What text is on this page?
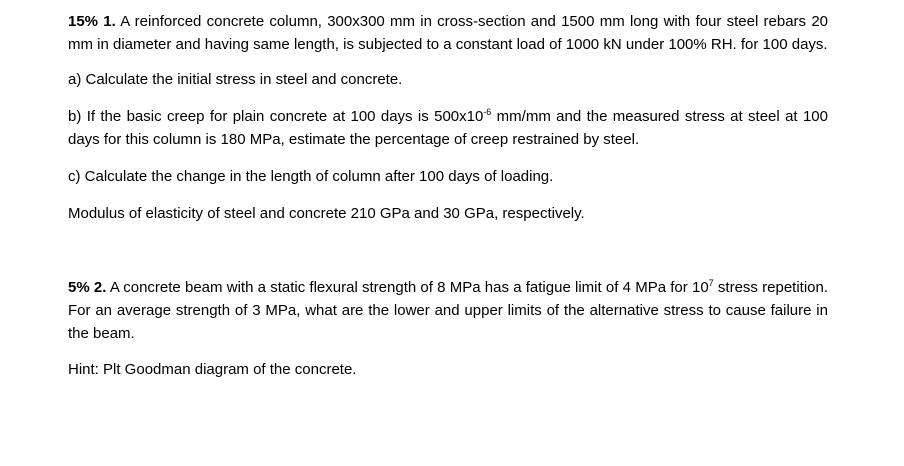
15% 1. A reinforced concrete column, 300x300 mm in cross-section and 1500 mm long with four steel rebars 20 mm in diameter and having same length, is subjected to a constant load of 1000 kN under 100% RH. for 100 days.

a) Calculate the initial stress in steel and concrete.

b) If the basic creep for plain concrete at 100 days is $500x10^{-6}$ mm/mm and the measured stress at steel at 100 days for this column is 180 MPa, estimate the percentage of creep restrained by steel.

c) Calculate the change in the length of column after 100 days of loading.

Modulus of elasticity of steel and concrete 210 GPa and 30 GPa, respectively.

5% 2. A concrete beam with a static flexural strength of 8 MPa has a fatigue limit of 4 MPa for $10^7$ stress repetition. For an average strength of 3 MPa, what are the lower and upper limits of the alternative stress to cause failure in the beam.

Hint: Plt Goodman diagram of the concrete.
